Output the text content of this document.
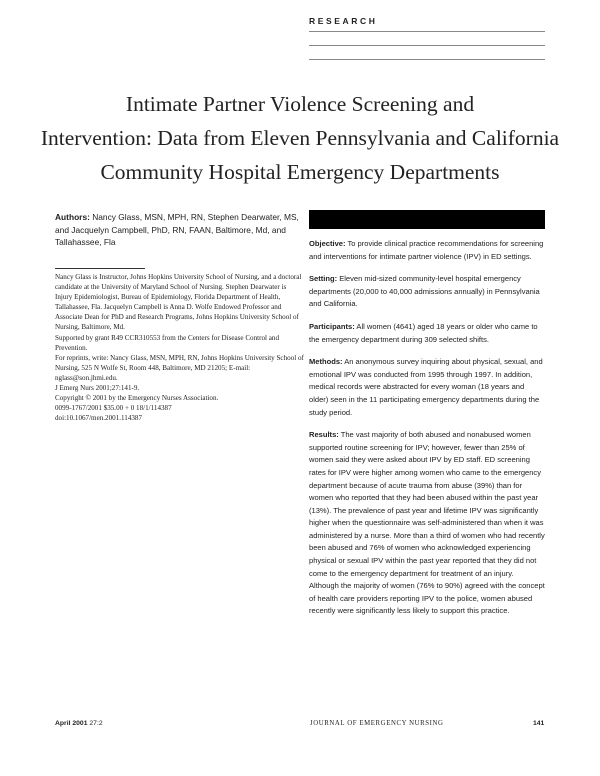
RESEARCH
Intimate Partner Violence Screening and
Intervention: Data from Eleven Pennsylvania and California
Community Hospital Emergency Departments
Authors: Nancy Glass, MSN, MPH, RN, Stephen Dearwater, MS, and Jacquelyn Campbell, PhD, RN, FAAN, Baltimore, Md, and Tallahassee, Fla

Nancy Glass is Instructor, Johns Hopkins University School of Nursing, and a doctoral candidate at the University of Maryland School of Nursing. Stephen Dearwater is Injury Epidemiologist, Bureau of Epidemiology, Florida Department of Health, Tallahassee, Fla. Jacquelyn Campbell is Anna D. Wolfe Endowed Professor and Associate Dean for PhD and Research Programs, Johns Hopkins University School of Nursing, Baltimore, Md.

Supported by grant R49 CCR310553 from the Centers for Disease Control and Prevention.

For reprints, write: Nancy Glass, MSN, MPH, RN, Johns Hopkins University School of Nursing, 525 N Wolfe St, Room 448, Baltimore, MD 21205; E-mail: nglass@son.jhmi.edu.

J Emerg Nurs 2001;27:141-9.

Copyright © 2001 by the Emergency Nurses Association.

0099-1767/2001 $35.00 + 0 18/1/114387

doi:10.1067/men.2001.114387

Objective: To provide clinical practice recommendations for screening and interventions for intimate partner violence (IPV) in ED settings.

Setting: Eleven mid-sized community-level hospital emergency departments (20,000 to 40,000 admissions annually) in Pennsylvania and California.

Participants: All women (4641) aged 18 years or older who came to the emergency department during 309 selected shifts.

Methods: An anonymous survey inquiring about physical, sexual, and emotional IPV was conducted from 1995 through 1997. In addition, medical records were abstracted for every woman (18 years and older) seen in the 11 participating emergency departments during the study period.

Results: The vast majority of both abused and nonabused women supported routine screening for IPV; however, fewer than 25% of women said they were asked about IPV by ED staff. ED screening rates for IPV were higher among women who came to the emergency department because of acute trauma from abuse (39%) than for women who reported that they had been abused within the past year (13%). The prevalence of past year and lifetime IPV was significantly higher when the questionnaire was self-administered than when it was administered by a nurse. More than a third of women who had recently been abused and 76% of women who acknowledged experiencing physical or sexual IPV within the past year reported that they did not come to the emergency department for treatment of an injury. Although the majority of women (76% to 90%) agreed with the concept of health care providers reporting IPV to the police, women abused recently were significantly less likely to support this practice.

April 2001 27:2	JOURNAL OF EMERGENCY NURSING	141
